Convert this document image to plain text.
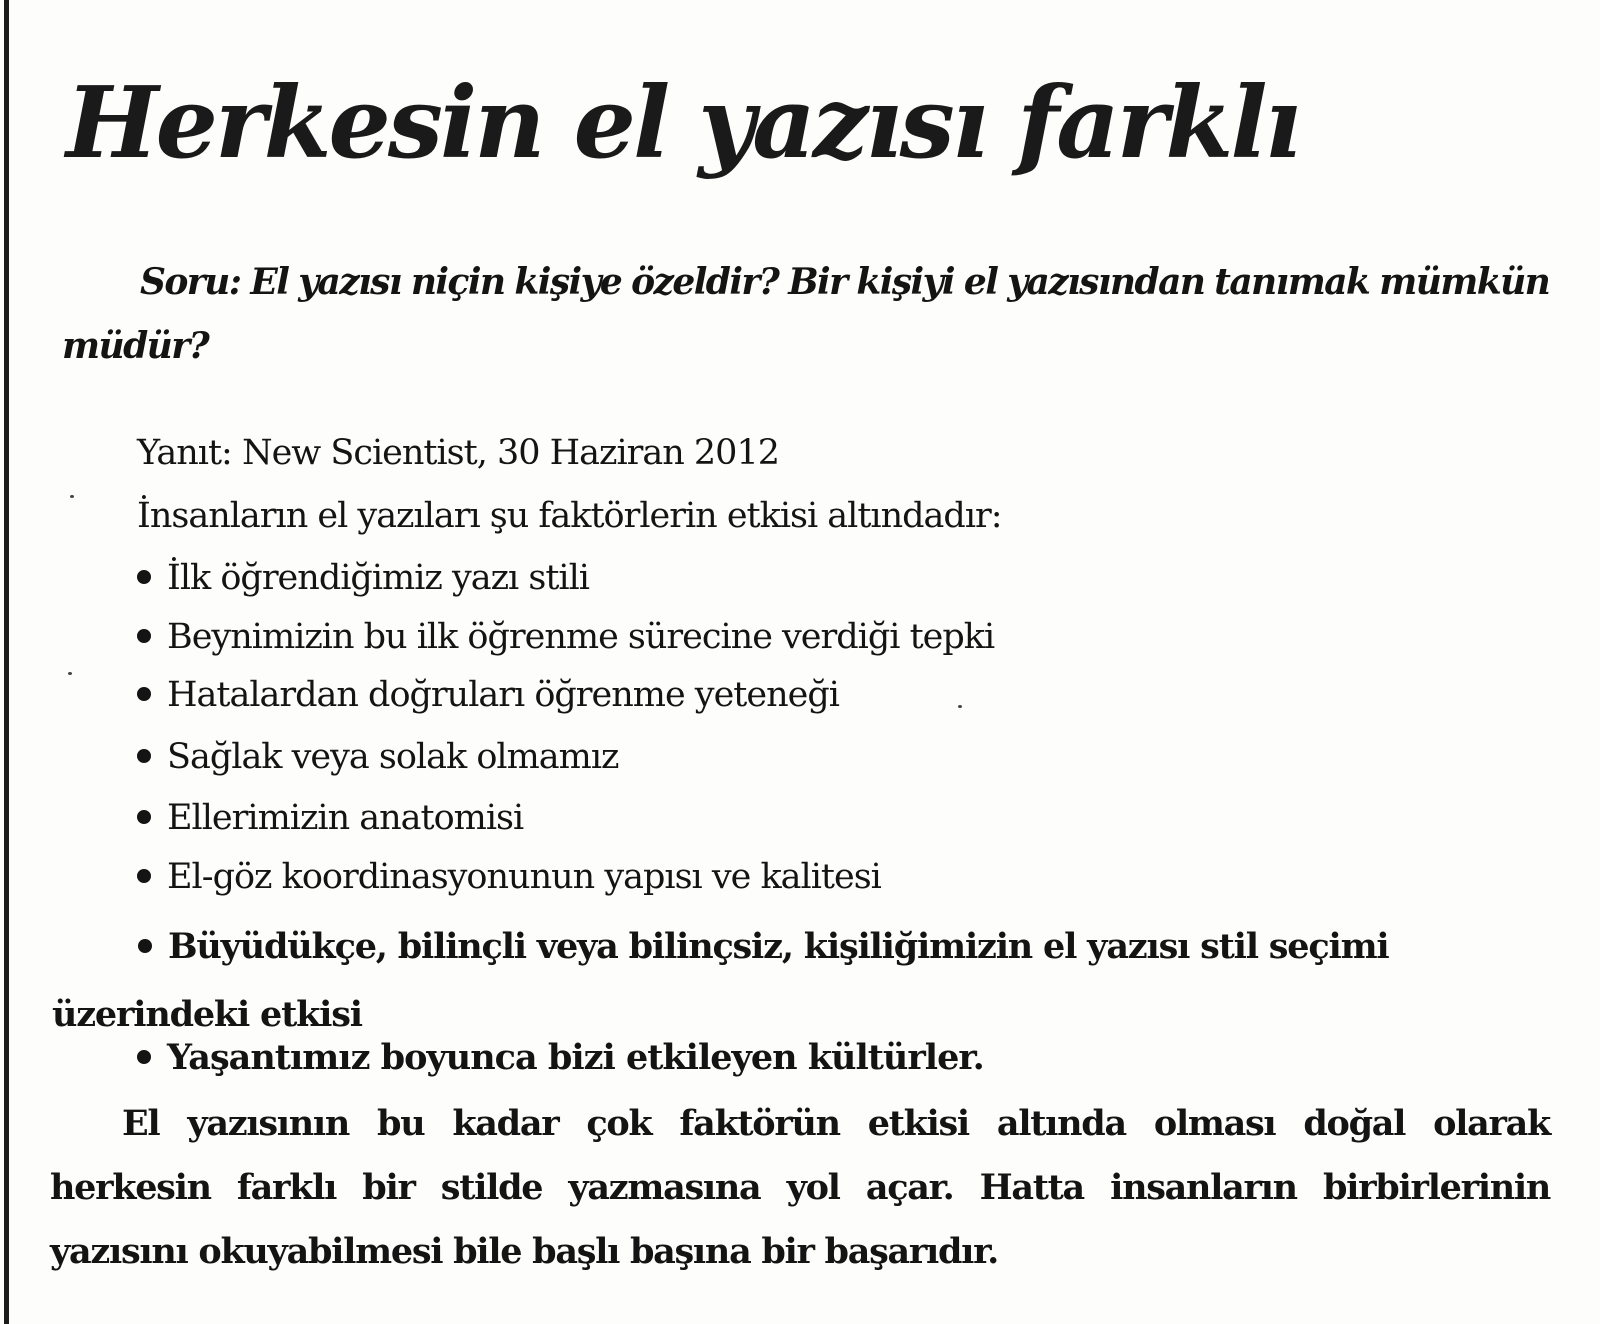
Herkesin el yazısı farklı

Soru: El yazısı niçin kişiye özeldir? Bir kişiyi el yazısından tanımak mümkün müdür?

Yanıt: New Scientist, 30 Haziran 2012
İnsanların el yazıları şu faktörlerin etkisi altındadır:
İlk öğrendiğimiz yazı stili
Beynimizin bu ilk öğrenme sürecine verdiği tepki
Hatalardan doğruları öğrenme yeteneği
Sağlak veya solak olmamız
Ellerimizin anatomisi
El-göz koordinasyonunun yapısı ve kalitesi

Büyüdükçe, bilinçli veya bilinçsiz, kişiliğimizin el yazısı stil seçimi üzerindeki etkisi

Yaşantımız boyunca bizi etkileyen kültürler.

El yazısının bu kadar çok faktörün etkisi altında olması doğal olarak herkesin farklı bir stilde yazmasına yol açar. Hatta insanların birbirlerinin yazısını okuyabilmesi bile başlı başına bir başarıdır.
